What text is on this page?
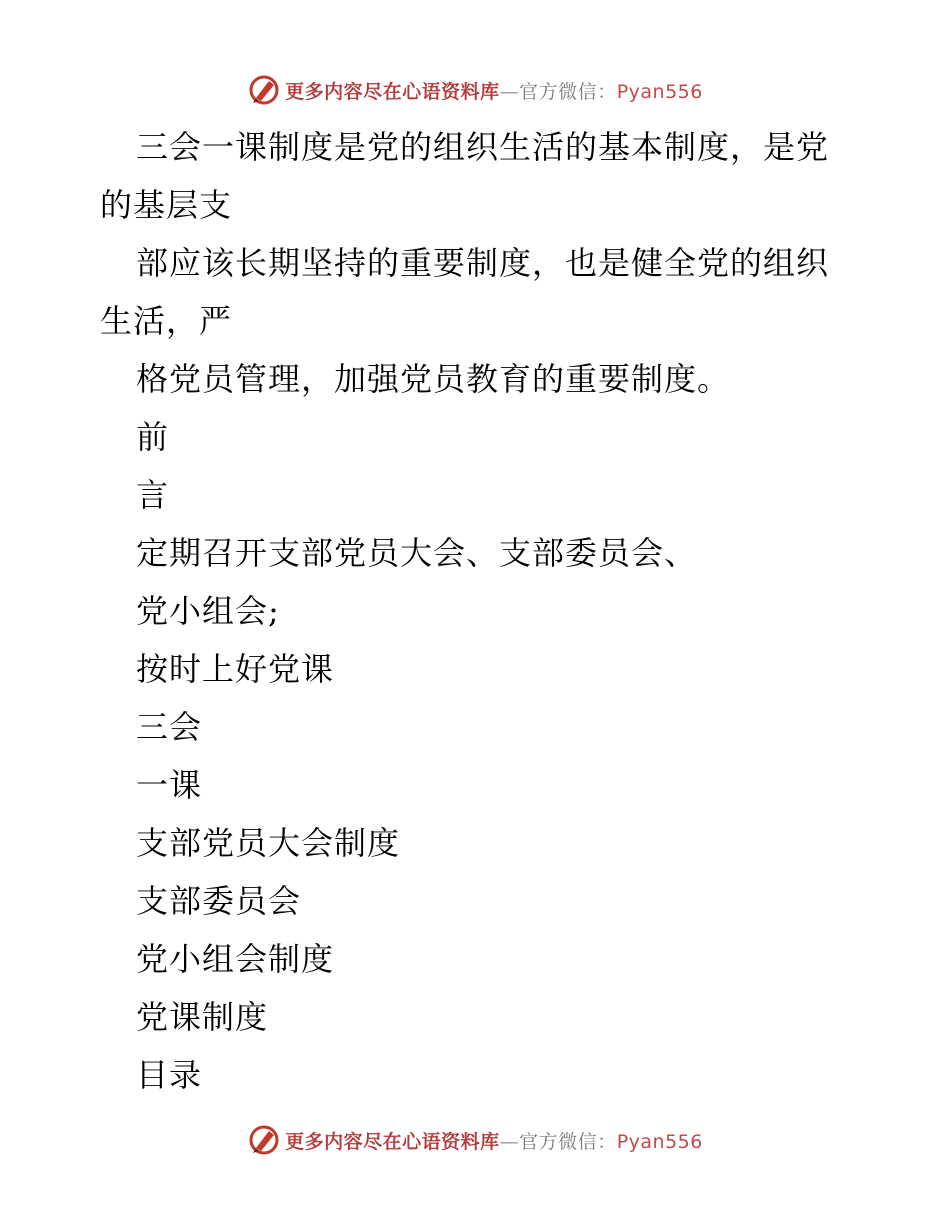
更多内容尽在心语资料库—官方微信：Pyan556
三会一课制度是党的组织生活的基本制度，是党
的基层支
部应该长期坚持的重要制度，也是健全党的组织
生活，严
格党员管理，加强党员教育的重要制度。
前
言
定期召开支部党员大会、支部委员会、
党小组会;
按时上好党课
三会
一课
支部党员大会制度
支部委员会
党小组会制度
党课制度
目录
更多内容尽在心语资料库—官方微信：Pyan556
